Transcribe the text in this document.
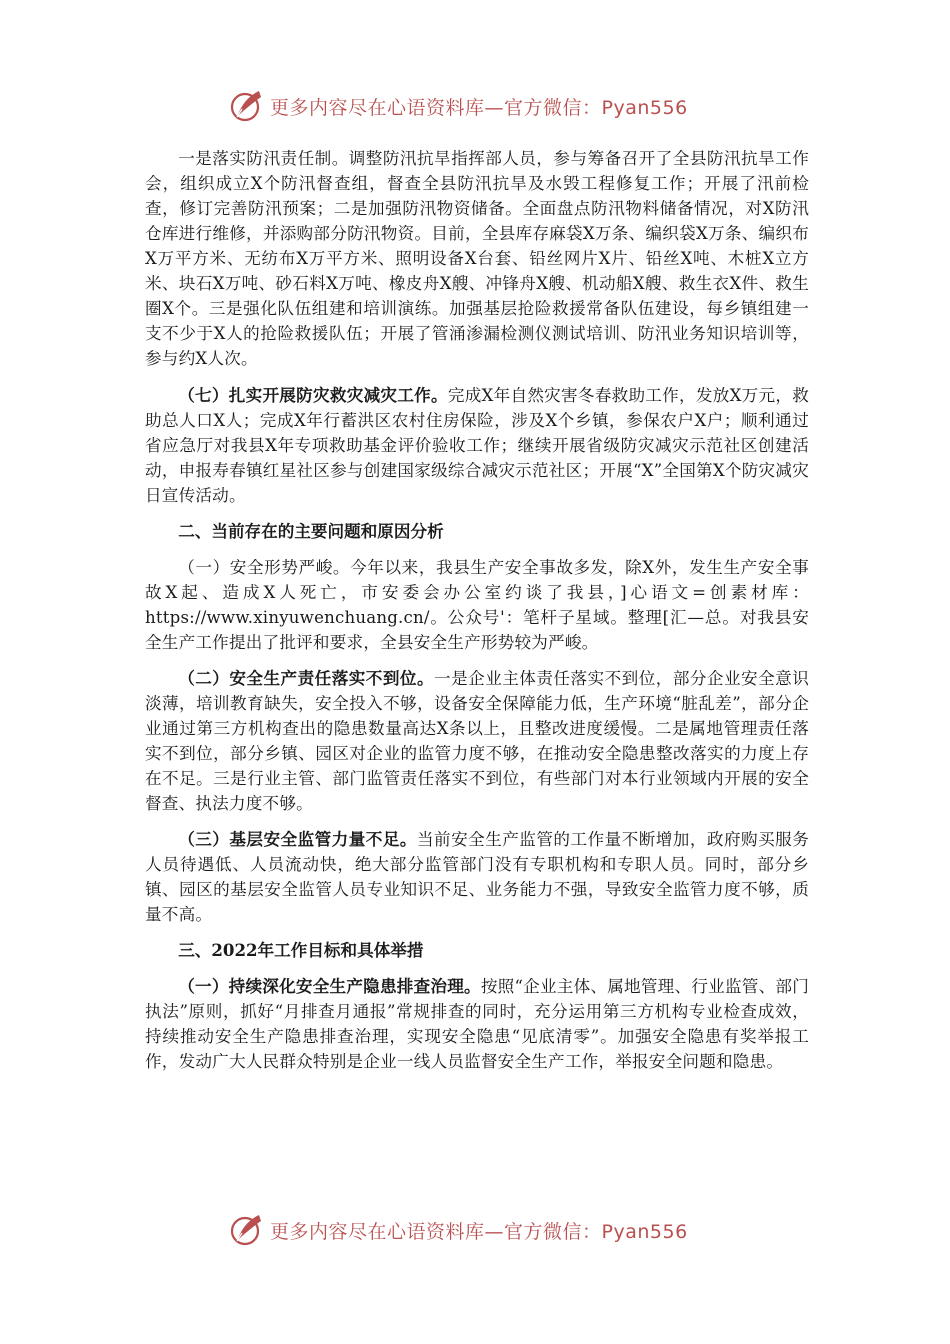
更多内容尽在心语资料库—官方微信：Pyan556

一是落实防汛责任制。调整防汛抗旱指挥部人员，参与筹备召开了全县防汛抗旱工作会，组织成立X个防汛督查组，督查全县防汛抗旱及水毁工程修复工作；开展了汛前检查，修订完善防汛预案；二是加强防汛物资储备。全面盘点防汛物料储备情况，对X防汛仓库进行维修，并添购部分防汛物资。目前，全县库存麻袋X万条、编织袋X万条、编织布X万平方米、无纺布X万平方米、照明设备X台套、铅丝网片X片、铅丝X吨、木桩X立方米、块石X万吨、砂石料X万吨、橡皮舟X艘、冲锋舟X艘、机动船X艘、救生衣X件、救生圈X个。三是强化队伍组建和培训演练。加强基层抢险救援常备队伍建设，每乡镇组建一支不少于X人的抢险救援队伍；开展了管涌渗漏检测仪测试培训、防汛业务知识培训等，参与约X人次。

（七）扎实开展防灾救灾减灾工作。完成X年自然灾害冬春救助工作，发放X万元，救助总人口X人；完成X年行蓄洪区农村住房保险，涉及X个乡镇，参保农户X户；顺利通过省应急厅对我县X年专项救助基金评价验收工作；继续开展省级防灾减灾示范社区创建活动，申报寿春镇红星社区参与创建国家级综合减灾示范社区；开展“X”全国第X个防灾减灾日宣传活动。

二、当前存在的主要问题和原因分析

（一）安全形势严峻。今年以来，我县生产安全事故多发，除X外，发生生产安全事故X起、造成X人死亡，市安委会办公室约谈了我县，]心语文=创素材库：https://www.xinyuwenchuang.cn/。公众号'：笔杆子星域。整理[汇—总。对我县安全生产工作提出了批评和要求，全县安全生产形势较为严峻。

（二）安全生产责任落实不到位。一是企业主体责任落实不到位，部分企业安全意识淡薄，培训教育缺失，安全投入不够，设备安全保障能力低，生产环境“脏乱差”，部分企业通过第三方机构查出的隐患数量高达X条以上，且整改进度缓慢。二是属地管理责任落实不到位，部分乡镇、园区对企业的监管力度不够，在推动安全隐患整改落实的力度上存在不足。三是行业主管、部门监管责任落实不到位，有些部门对本行业领域内开展的安全督查、执法力度不够。

（三）基层安全监管力量不足。当前安全生产监管的工作量不断增加，政府购买服务人员待遇低、人员流动快，绝大部分监管部门没有专职机构和专职人员。同时，部分乡镇、园区的基层安全监管人员专业知识不足、业务能力不强，导致安全监管力度不够，质量不高。

三、2022年工作目标和具体举措

（一）持续深化安全生产隐患排查治理。按照“企业主体、属地管理、行业监管、部门执法”原则，抓好“月排查月通报”常规排查的同时，充分运用第三方机构专业检查成效，持续推动安全生产隐患排查治理，实现安全隐患“见底清零”。加强安全隐患有奖举报工作，发动广大人民群众特别是企业一线人员监督安全生产工作，举报安全问题和隐患。

更多内容尽在心语资料库—官方微信：Pyan556
